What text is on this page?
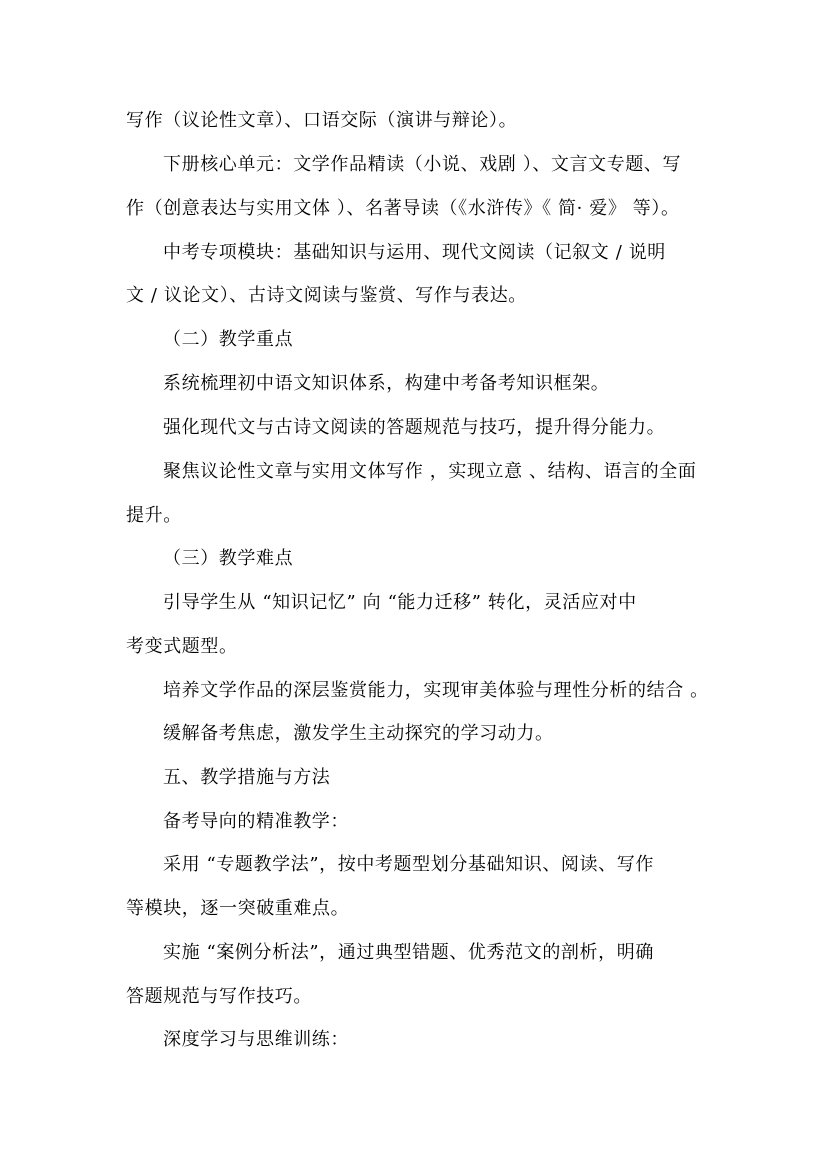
写作（议论性文章）、口语交际（演讲与辩论）。
下册核心单元：文学作品精读（小说、戏剧 ）、文言文专题、写
作（创意表达与实用文体 ）、名著导读（《水浒传》《 简· 爱》 等）。
中考专项模块：基础知识与运用、现代文阅读（记叙文 / 说明
文 / 议论文）、古诗文阅读与鉴赏、写作与表达。
（二）教学重点
系统梳理初中语文知识体系，构建中考备考知识框架。
强化现代文与古诗文阅读的答题规范与技巧，提升得分能力。
聚焦议论性文章与实用文体写作 ，实现立意 、结构、语言的全面
提升。
（三）教学难点
引导学生从 “知识记忆” 向 “能力迁移” 转化，灵活应对中
考变式题型。
培养文学作品的深层鉴赏能力，实现审美体验与理性分析的结合 。
缓解备考焦虑，激发学生主动探究的学习动力。
五、教学措施与方法
备考导向的精准教学：
采用 “专题教学法”，按中考题型划分基础知识、阅读、写作
等模块，逐一突破重难点。
实施 “案例分析法”，通过典型错题、优秀范文的剖析，明确
答题规范与写作技巧。
深度学习与思维训练：
